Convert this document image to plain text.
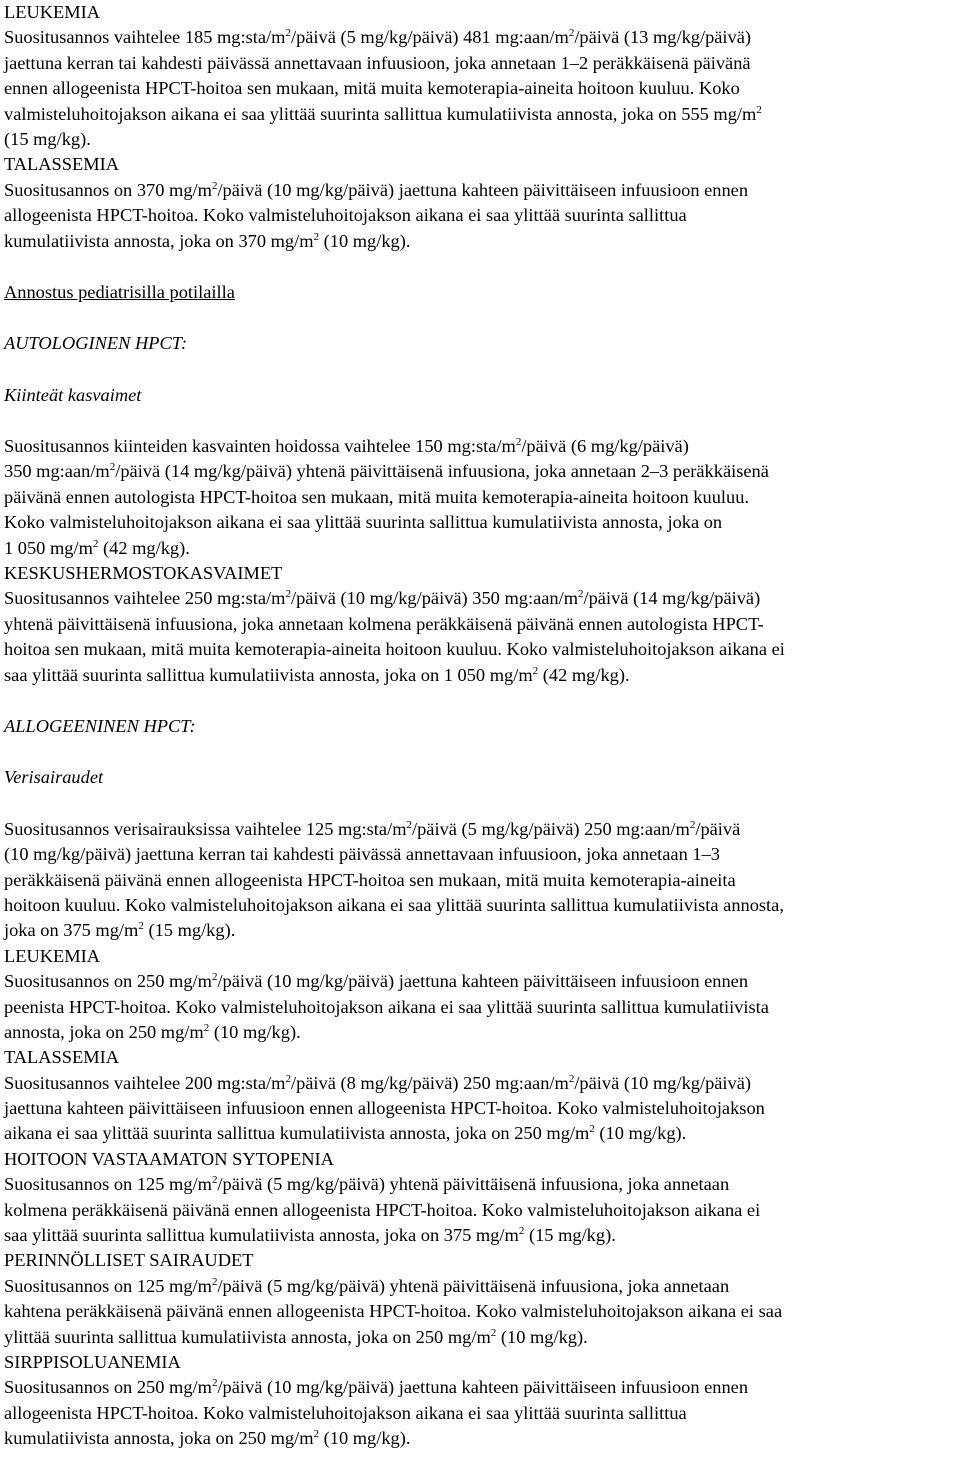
LEUKEMIA
Suositusannos vaihtelee 185 $mg:sta/m^2$/päivä (5 mg/kg/päivä) 481 $mg:aan/m^2$/päivä (13 mg/kg/päivä)
jaettuna kerran tai kahdesti päivässä annettavaan infuusioon, joka annetaan 1–2 peräkkäisenä päivänä
ennen allogeenista HPCT-hoitoa sen mukaan, mitä muita kemoterapia-aineita hoitoon kuuluu. Koko
valmisteluhoitojakson aikana ei saa ylittää suurinta sallittua kumulatiivista annosta, joka on 555 $mg/m^2$
(15 mg/kg).
TALASSEMIA
Suositusannos on 370 $mg/m^2$/päivä (10 mg/kg/päivä) jaettuna kahteen päivittäiseen infuusioon ennen
allogeenista HPCT-hoitoa. Koko valmisteluhoitojakson aikana ei saa ylittää suurinta sallittua
kumulatiivista annosta, joka on 370 $mg/m^2$ (10 mg/kg).
Annostus pediatrisilla potilailla
AUTOLOGINEN HPCT:
Kiinteät kasvaimet
Suositusannos kiinteiden kasvainten hoidossa vaihtelee 150 $mg:sta/m^2$/päivä (6 mg/kg/päivä)
350 $mg:aan/m^2$/päivä (14 mg/kg/päivä) yhtenä päivittäisenä infuusiona, joka annetaan 2–3 peräkkäisenä
päivänä ennen autologista HPCT-hoitoa sen mukaan, mitä muita kemoterapia-aineita hoitoon kuuluu.
Koko valmisteluhoitojakson aikana ei saa ylittää suurinta sallittua kumulatiivista annosta, joka on
1 050 $mg/m^2$ (42 mg/kg).
KESKUSHERMOSTOKASVAIMET
Suositusannos vaihtelee 250 $mg:sta/m^2$/päivä (10 mg/kg/päivä) 350 $mg:aan/m^2$/päivä (14 mg/kg/päivä)
yhtenä päivittäisenä infuusiona, joka annetaan kolmena peräkkäisenä päivänä ennen autologista HPCT-
hoitoa sen mukaan, mitä muita kemoterapia-aineita hoitoon kuuluu. Koko valmisteluhoitojakson aikana ei
saa ylittää suurinta sallittua kumulatiivista annosta, joka on 1 050 $mg/m^2$ (42 mg/kg).
ALLOGEENINEN HPCT:
Verisairaudet
Suositusannos verisairauksissa vaihtelee 125 $mg:sta/m^2$/päivä (5 mg/kg/päivä) 250 $mg:aan/m^2$/päivä
(10 mg/kg/päivä) jaettuna kerran tai kahdesti päivässä annettavaan infuusioon, joka annetaan 1–3
peräkkäisenä päivänä ennen allogeenista HPCT-hoitoa sen mukaan, mitä muita kemoterapia-aineita
hoitoon kuuluu. Koko valmisteluhoitojakson aikana ei saa ylittää suurinta sallittua kumulatiivista annosta,
joka on 375 $mg/m^2$ (15 mg/kg).
LEUKEMIA
Suositusannos on 250 $mg/m^2$/päivä (10 mg/kg/päivä) jaettuna kahteen päivittäiseen infuusioon ennen
peenista HPCT-hoitoa. Koko valmisteluhoitojakson aikana ei saa ylittää suurinta sallittua kumulatiivista
annosta, joka on 250 $mg/m^2$ (10 mg/kg).
TALASSEMIA
Suositusannos vaihtelee 200 $mg:sta/m^2$/päivä (8 mg/kg/päivä) 250 $mg:aan/m^2$/päivä (10 mg/kg/päivä)
jaettuna kahteen päivittäiseen infuusioon ennen allogeenista HPCT-hoitoa. Koko valmisteluhoitojakson
aikana ei saa ylittää suurinta sallittua kumulatiivista annosta, joka on 250 $mg/m^2$ (10 mg/kg).
HOITOON VASTAAMATON SYTOPENIA
Suositusannos on 125 $mg/m^2$/päivä (5 mg/kg/päivä) yhtenä päivittäisenä infuusiona, joka annetaan
kolmena peräkkäisenä päivänä ennen allogeenista HPCT-hoitoa. Koko valmisteluhoitojakson aikana ei
saa ylittää suurinta sallittua kumulatiivista annosta, joka on 375 $mg/m^2$ (15 mg/kg).
PERINNÖLLISET SAIRAUDET
Suositusannos on 125 $mg/m^2$/päivä (5 mg/kg/päivä) yhtenä päivittäisenä infuusiona, joka annetaan
kahtena peräkkäisenä päivänä ennen allogeenista HPCT-hoitoa. Koko valmisteluhoitojakson aikana ei saa
ylittää suurinta sallittua kumulatiivista annosta, joka on 250 $mg/m^2$ (10 mg/kg).
SIRPPISOLUANEMIA
Suositusannos on 250 $mg/m^2$/päivä (10 mg/kg/päivä) jaettuna kahteen päivittäiseen infuusioon ennen
allogeenista HPCT-hoitoa. Koko valmisteluhoitojakson aikana ei saa ylittää suurinta sallittua
kumulatiivista annosta, joka on 250 $mg/m^2$ (10 mg/kg).
